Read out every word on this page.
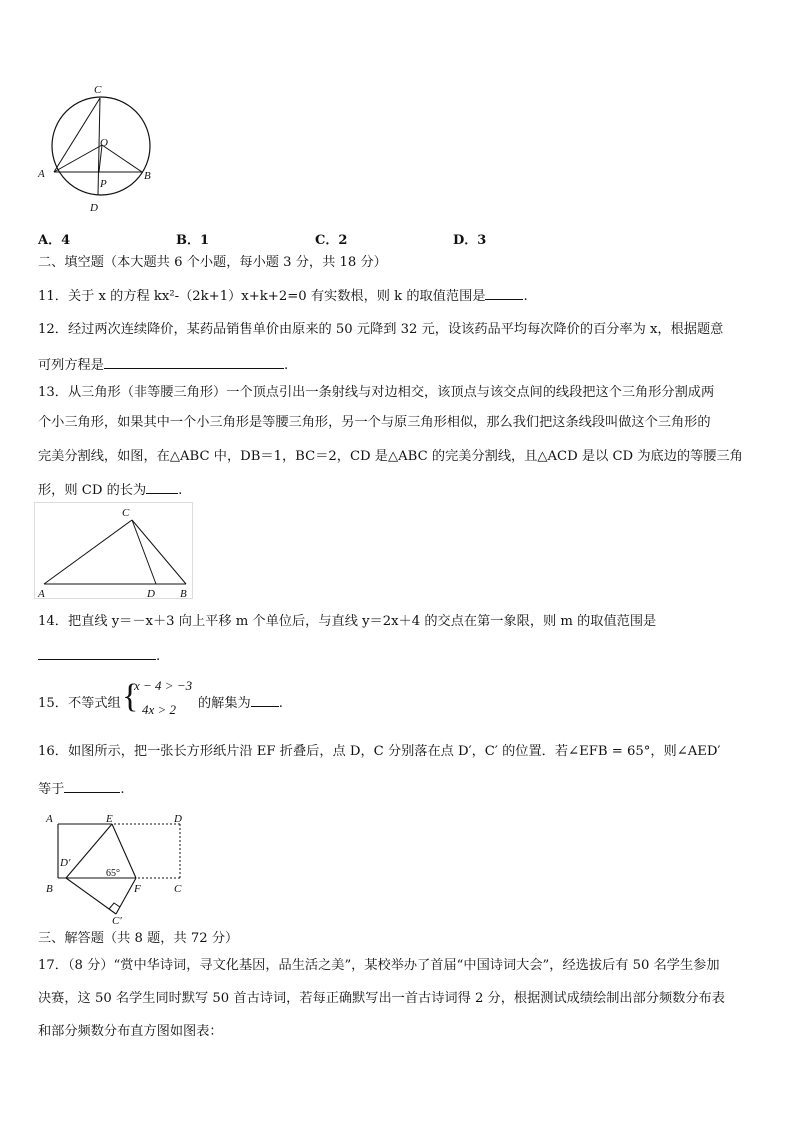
C
O
A	B
P
D
A．4	B．1	C．2	D．3
二、填空题（本大题共 6 个小题，每小题 3 分，共 18 分）
11．关于 x 的方程 kx²-（2k+1）x+k+2=0 有实数根，则 k 的取值范围是	.
12．经过两次连续降价，某药品销售单价由原来的 50 元降到 32 元，设该药品平均每次降价的百分率为 x，根据题意
可列方程是	.
13．从三角形（非等腰三角形）一个顶点引出一条射线与对边相交，该顶点与该交点间的线段把这个三角形分割成两
个小三角形，如果其中一个小三角形是等腰三角形，另一个与原三角形相似，那么我们把这条线段叫做这个三角形的
完美分割线，如图，在△ABC 中，DB＝1，BC＝2，CD 是△ABC 的完美分割线，且△ACD 是以 CD 为底边的等腰三角
形，则 CD 的长为 .
C
A	D B
14．把直线 y＝－x＋3 向上平移 m 个单位后，与直线 y＝2x＋4 的交点在第一象限，则 m 的取值范围是
.
15．不等式组 {
x − 4 > −3
4x > 2 的解集为 .
16．如图所示，把一张长方形纸片沿 EF 折叠后，点 D，C 分别落在点 D′，C′ 的位置．若∠EFB = 65°，则∠AED′
等于	.
A	E	D
D′
65°
B	F	C
C′
三、解答题（共 8 题，共 72 分）
17．（8 分）“赏中华诗词，寻文化基因，品生活之美”，某校举办了首届“中国诗词大会”，经选拔后有 50 名学生参加
决赛，这 50 名学生同时默写 50 首古诗词，若每正确默写出一首古诗词得 2 分，根据测试成绩绘制出部分频数分布表
和部分频数分布直方图如图表：
